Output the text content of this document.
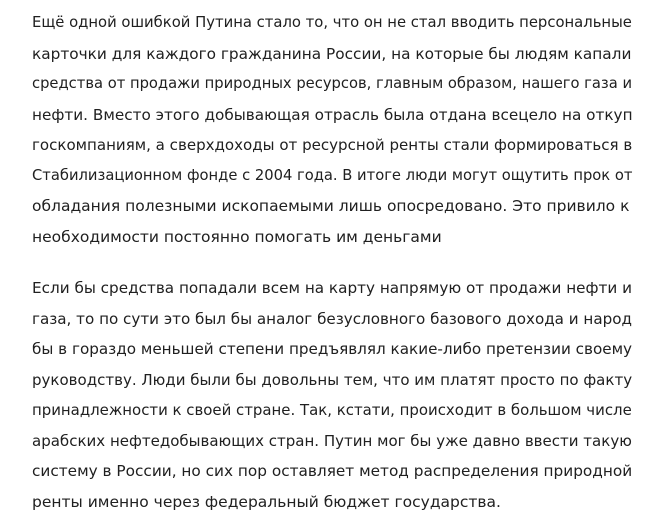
Ещё одной ошибкой Путина стало то, что он не стал вводить персональные
карточки для каждого гражданина России, на которые бы людям капали
средства от продажи природных ресурсов, главным образом, нашего газа и
нефти. Вместо этого добывающая отрасль была отдана всецело на откуп
госкомпаниям, а сверхдоходы от ресурсной ренты стали формироваться в
Стабилизационном фонде с 2004 года. В итоге люди могут ощутить прок от
обладания полезными ископаемыми лишь опосредовано. Это привило к
необходимости постоянно помогать им деньгами
Если бы средства попадали всем на карту напрямую от продажи нефти и
газа, то по сути это был бы аналог безусловного базового дохода и народ
бы в гораздо меньшей степени предъявлял какие-либо претензии своему
руководству. Люди были бы довольны тем, что им платят просто по факту
принадлежности к своей стране. Так, кстати, происходит в большом числе
арабских нефтедобывающих стран. Путин мог бы уже давно ввести такую
систему в России, но сих пор оставляет метод распределения природной
ренты именно через федеральный бюджет государства.
